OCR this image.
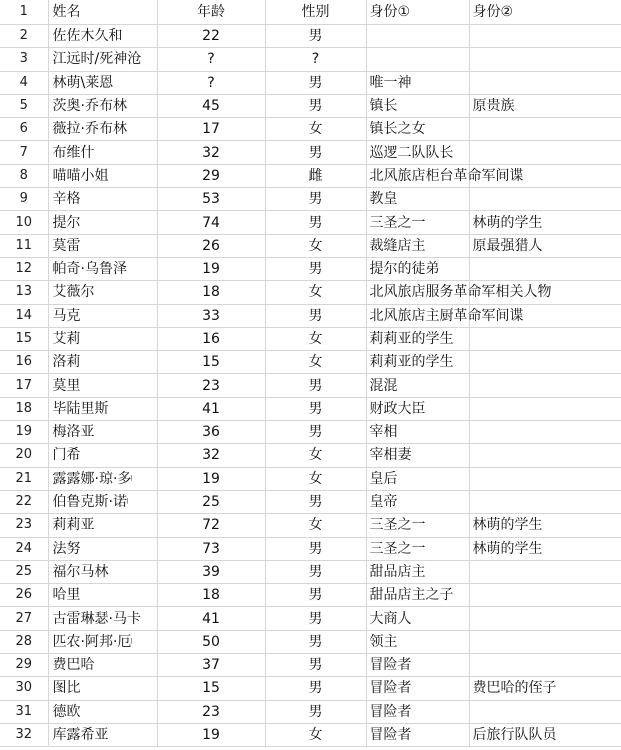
1	姓名	年龄	性别	身份①	身份②
2	佐佐木久和	22	男		
3	江远时/死神沧	?	?		
4	林萌\莱恩	?	男	唯一神	
5	茨奥·乔布林	45	男	镇长	原贵族
6	薇拉·乔布林	17	女	镇长之女	
7	布维什	32	男	巡逻二队队长	
8	喵喵小姐	29	雌	北风旅店柜台革命军间谍	
9	辛格	53	男	教皇	
10	提尔	74	男	三圣之一	林萌的学生
11	莫雷	26	女	裁缝店主	原最强猎人
12	帕奇·乌鲁泽	19	男	提尔的徒弟	
13	艾薇尔	18	女	北风旅店服务革命军相关人物	
14	马克	33	男	北风旅店主厨革命军间谍	
15	艾莉	16	女	莉莉亚的学生	
16	洛莉	15	女	莉莉亚的学生	
17	莫里	23	男	混混	
18	毕陆里斯	41	男	财政大臣	
19	梅洛亚	36	男	宰相	
20	门希	32	女	宰相妻	
21	露露娜·琼·多𝄅	19	女	皇后	
22	伯鲁克斯·诺𝄅	25	男	皇帝	
23	莉莉亚	72	女	三圣之一	林萌的学生
24	法努	73	男	三圣之一	林萌的学生
25	福尔马林	39	男	甜品店主	
26	哈里	18	男	甜品店主之子	
27	古雷琳瑟·马卡	41	男	大商人	
28	匹农·阿邦·厄𝄅	50	男	领主	
29	费巴哈	37	男	冒险者	
30	图比	15	男	冒险者	费巴哈的侄子
31	德欧	23	男	冒险者	
32	库露希亚	19	女	冒险者	后旅行队队员
